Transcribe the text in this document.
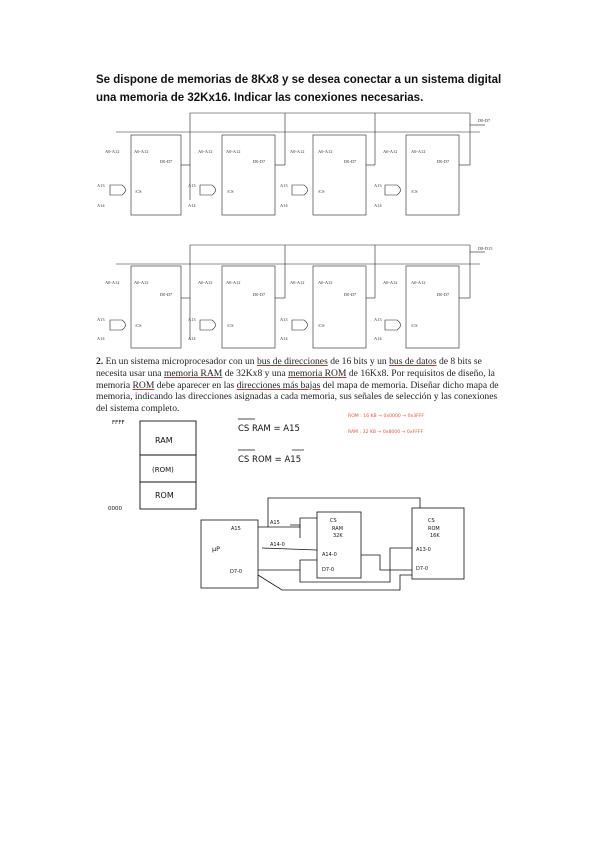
Se dispone de memorias de 8Kx8 y se desea conectar a un sistema digital una memoria de 32Kx16. Indicar las conexiones necesarias.
D0-D7
A0-A12	A0-A12
D0-D7
A13
A14
/CS
A0-A12	A0-A12
D0-D7
A13
A14
/CS
A0-A12	A0-A12
D0-D7
A13
A14
/CS
A0-A12	A0-A12
D0-D7
A13
A14
/CS
D8-D15
A0-A12	A0-A12
D0-D7
A13
A14
/CS
A0-A12	A0-A12
D0-D7
A13
A14
/CS
A0-A12	A0-A12
D0-D7
A13
A14
/CS
A0-A12	A0-A12
D0-D7
A13
A14
/CS
FFFF
0000
RAM
(ROM)
ROM
CS RAM = A15
CS ROM = A15
ROM : 16 KB → 0x0000 → 0x3FFF
RAM : 32 KB → 0x8000 → 0xFFFF
µP
A15
D7-0
A15
A14-0
CS
RAM
32K
A14-0
D7-0
CS
ROM
16K
A13-0
D7-0
2. En un sistema microprocesador con un bus de direcciones de 16 bits y un bus de datos de 8 bits se necesita usar una memoria RAM de 32Kx8 y una memoria ROM de 16Kx8. Por requisitos de diseño, la memoria ROM debe aparecer en las direcciones más bajas del mapa de memoria. Diseñar dicho mapa de memoria, indicando las direcciones asignadas a cada memoria, sus señales de selección y las conexiones del sistema completo.
